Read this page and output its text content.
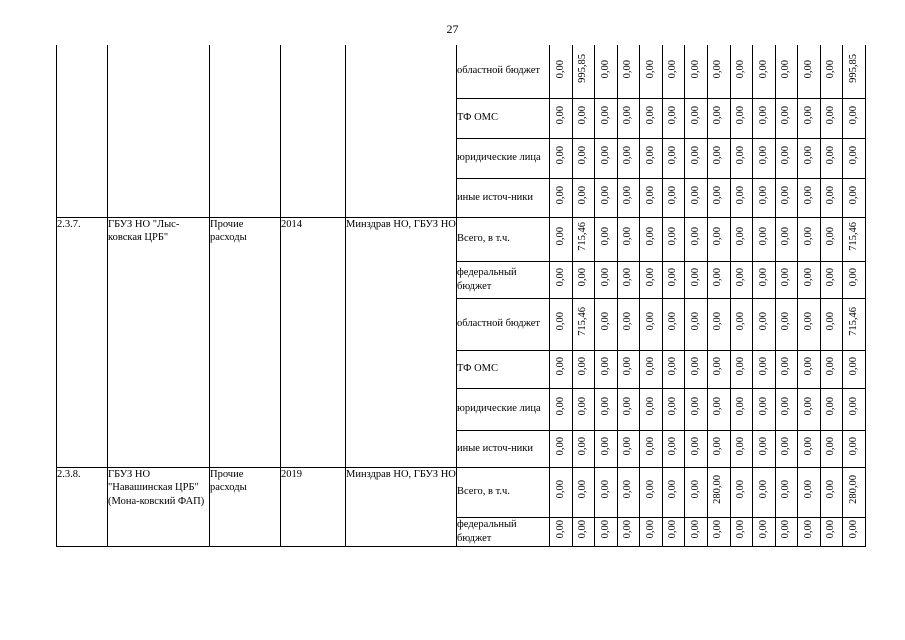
27
					областной бюджет	0,00	995,85	0,00	0,00	0,00	0,00	0,00	0,00	0,00	0,00	0,00	0,00	0,00	995,85
					ТФ ОМС	0,00	0,00	0,00	0,00	0,00	0,00	0,00	0,00	0,00	0,00	0,00	0,00	0,00	0,00
					юридические лица	0,00	0,00	0,00	0,00	0,00	0,00	0,00	0,00	0,00	0,00	0,00	0,00	0,00	0,00
					иные источ-ники	0,00	0,00	0,00	0,00	0,00	0,00	0,00	0,00	0,00	0,00	0,00	0,00	0,00	0,00
2.3.7.	ГБУЗ НО "Лыс-ковская ЦРБ"	Прочие расходы	2014	Минздрав НО, ГБУЗ НО	Всего, в т.ч.	0,00	715,46	0,00	0,00	0,00	0,00	0,00	0,00	0,00	0,00	0,00	0,00	0,00	715,46
					федеральный бюджет	0,00	0,00	0,00	0,00	0,00	0,00	0,00	0,00	0,00	0,00	0,00	0,00	0,00	0,00
					областной бюджет	0,00	715,46	0,00	0,00	0,00	0,00	0,00	0,00	0,00	0,00	0,00	0,00	0,00	715,46
					ТФ ОМС	0,00	0,00	0,00	0,00	0,00	0,00	0,00	0,00	0,00	0,00	0,00	0,00	0,00	0,00
					юридические лица	0,00	0,00	0,00	0,00	0,00	0,00	0,00	0,00	0,00	0,00	0,00	0,00	0,00	0,00
					иные источ-ники	0,00	0,00	0,00	0,00	0,00	0,00	0,00	0,00	0,00	0,00	0,00	0,00	0,00	0,00
2.3.8.	ГБУЗ НО "Навашинская ЦРБ" (Мона-ковский ФАП)	Прочие расходы	2019	Минздрав НО, ГБУЗ НО	Всего, в т.ч.	0,00	0,00	0,00	0,00	0,00	0,00	0,00	280,00	0,00	0,00	0,00	0,00	0,00	280,00
					федеральный бюджет	0,00	0,00	0,00	0,00	0,00	0,00	0,00	0,00	0,00	0,00	0,00	0,00	0,00	0,00
